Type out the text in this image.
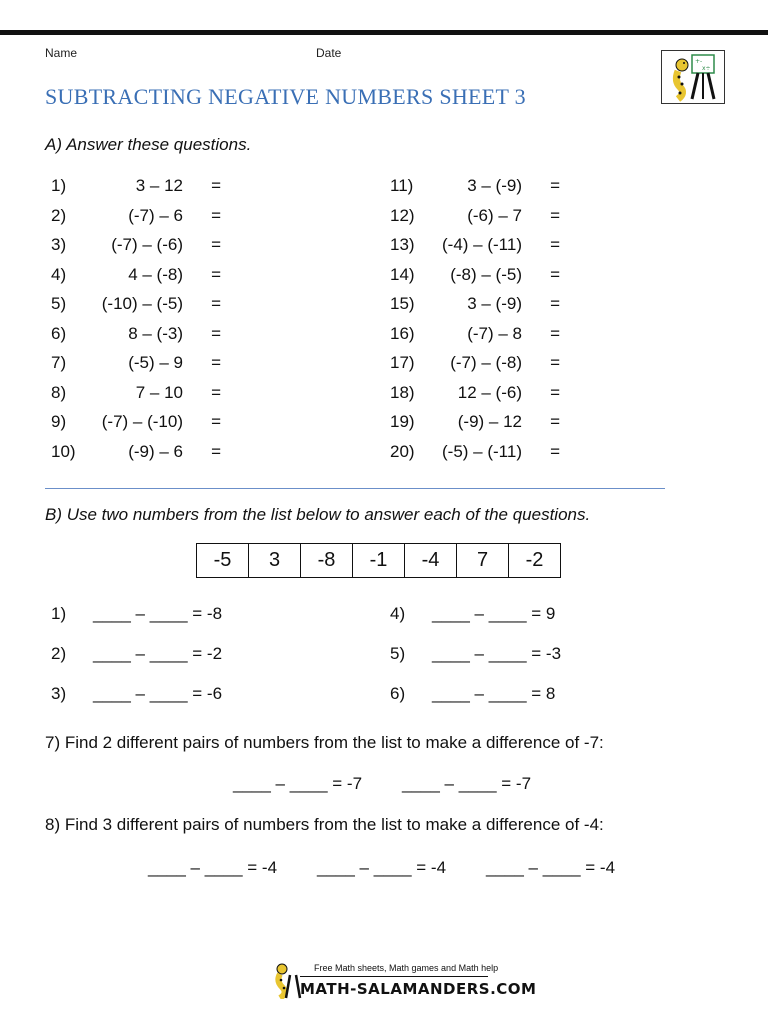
Name	Date
SUBTRACTING NEGATIVE NUMBERS SHEET 3
+-
x÷
A) Answer these questions.
1)	3 – 12 =
2)	(-7) – 6 =
3)	(-7) – (-6) =
4)	4 – (-8) =
5) (-10) – (-5) =
6)	8 – (-3) =
7)	(-5) – 9 =
8)	7 – 10 =
9) (-7) – (-10) =
10)	(-9) – 6 =
11)	3 – (-9) =
12)	(-6) – 7 =
13) (-4) – (-11) =
14) (-8) – (-5) =
15)	3 – (-9) =
16)	(-7) – 8 =
17) (-7) – (-8) =
18)	12 – (-6) =
19)	(-9) – 12 =
20) (-5) – (-11) =
B) Use two numbers from the list below to answer each of the questions.
-5	3	-8	-1	-4	7	-2
1) ____ – ____ = -8
2) ____ – ____ = -2
3) ____ – ____ = -6
4) ____ – ____ = 9
5) ____ – ____ = -3
6) ____ – ____ = 8
7) Find 2 different pairs of numbers from the list to make a difference of -7:
____ – ____ = -7 ____ – ____ = -7
8) Find 3 different pairs of numbers from the list to make a difference of -4:
____ – ____ = -4 ____ – ____ = -4 ____ – ____ = -4
Free Math sheets, Math games and Math help
MATH-SALAMANDERS.COM
